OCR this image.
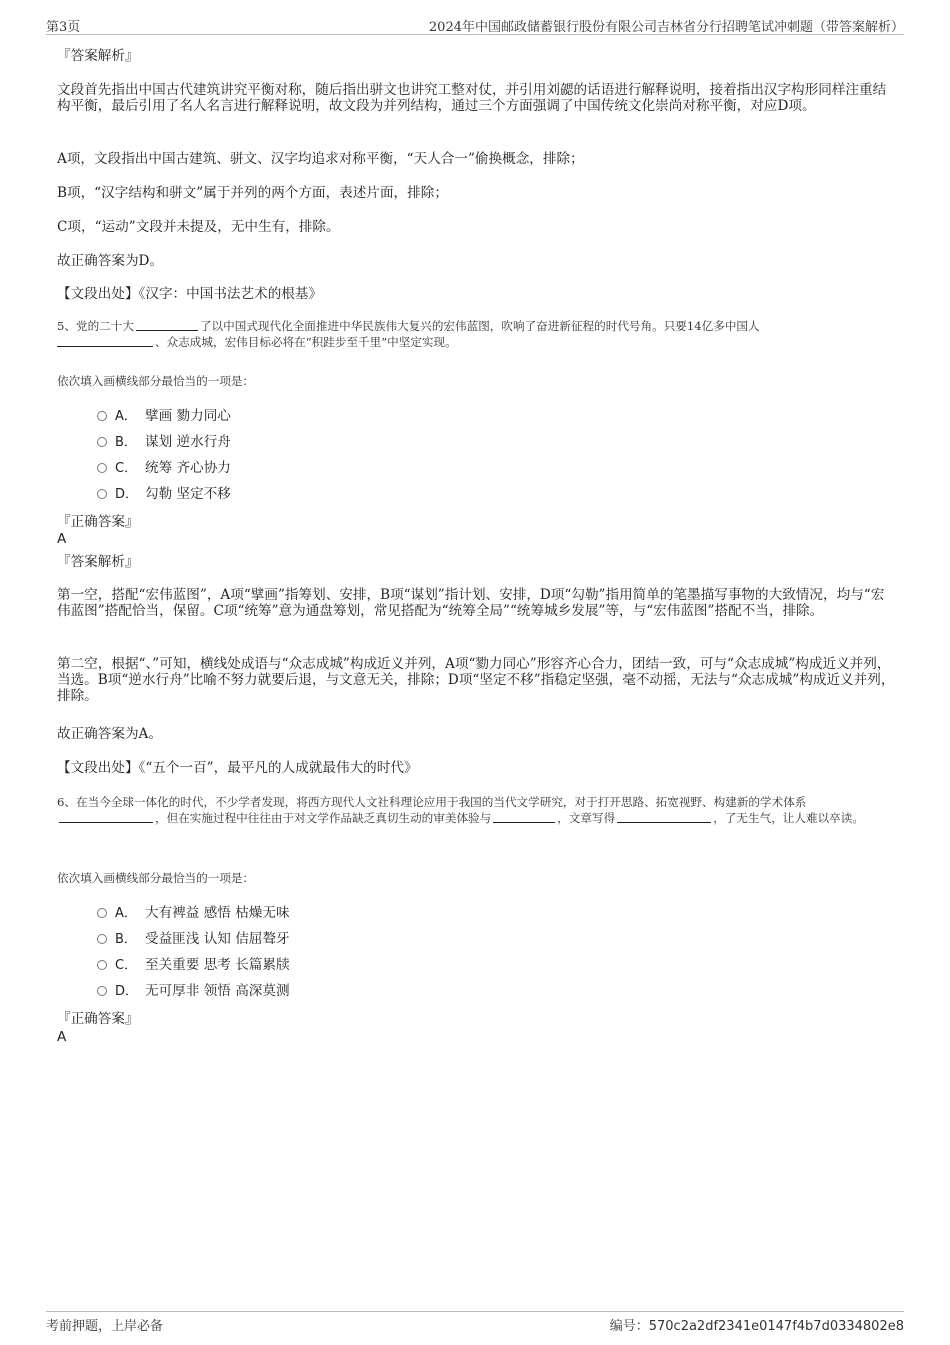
第3页	2024年中国邮政储蓄银行股份有限公司吉林省分行招聘笔试冲刺题（带答案解析）
『答案解析』
文段首先指出中国古代建筑讲究平衡对称，随后指出骈文也讲究工整对仗，并引用刘勰的话语进行解释说明，接着指出汉字构形同样注重结构平衡，最后引用了名人名言进行解释说明，故文段为并列结构，通过三个方面强调了中国传统文化崇尚对称平衡，对应D项。
A项，文段指出中国古建筑、骈文、汉字均追求对称平衡，“天人合一”偷换概念，排除；
B项，“汉字结构和骈文”属于并列的两个方面，表述片面，排除；
C项，“运动”文段并未提及，无中生有，排除。
故正确答案为D。
【文段出处】《汉字：中国书法艺术的根基》
5、党的二十大	了以中国式现代化全面推进中华民族伟大复兴的宏伟蓝图，吹响了奋进新征程的时代号角。只要14亿多中国人
、众志成城，宏伟目标必将在“积跬步至千里”中坚定实现。
依次填入画横线部分最恰当的一项是：
A． 擘画 勠力同心
B． 谋划 逆水行舟
C． 统筹 齐心协力
D． 勾勒 坚定不移
『正确答案』
A
『答案解析』
第一空，搭配“宏伟蓝图”，A项“擘画”指筹划、安排，B项“谋划”指计划、安排，D项“勾勒”指用简单的笔墨描写事物的大致情况，均与“宏伟蓝图”搭配恰当，保留。C项“统筹”意为通盘筹划，常见搭配为“统筹全局”“统筹城乡发展”等，与“宏伟蓝图”搭配不当，排除。
第二空，根据“、”可知，横线处成语与“众志成城”构成近义并列，A项“勠力同心”形容齐心合力，团结一致，可与“众志成城”构成近义并列，当选。B项“逆水行舟”比喻不努力就要后退，与文意无关，排除；D项“坚定不移”指稳定坚强，毫不动摇，无法与“众志成城”构成近义并列，排除。
故正确答案为A。
【文段出处】《“五个一百”，最平凡的人成就最伟大的时代》
6、在当今全球一体化的时代，不少学者发现，将西方现代人文社科理论应用于我国的当代文学研究，对于打开思路、拓宽视野、构建新的学术体系，但在实施过程中往往由于对文学作品缺乏真切生动的审美体验与	，文章写得	，了无生气，让人难以卒读。
依次填入画横线部分最恰当的一项是：
A． 大有裨益 感悟 枯燥无味
B． 受益匪浅 认知 佶屈聱牙
C． 至关重要 思考 长篇累牍
D． 无可厚非 领悟 高深莫测
『正确答案』
A
考前押题，上岸必备	编号：570c2a2df2341e0147f4b7d0334802e8
